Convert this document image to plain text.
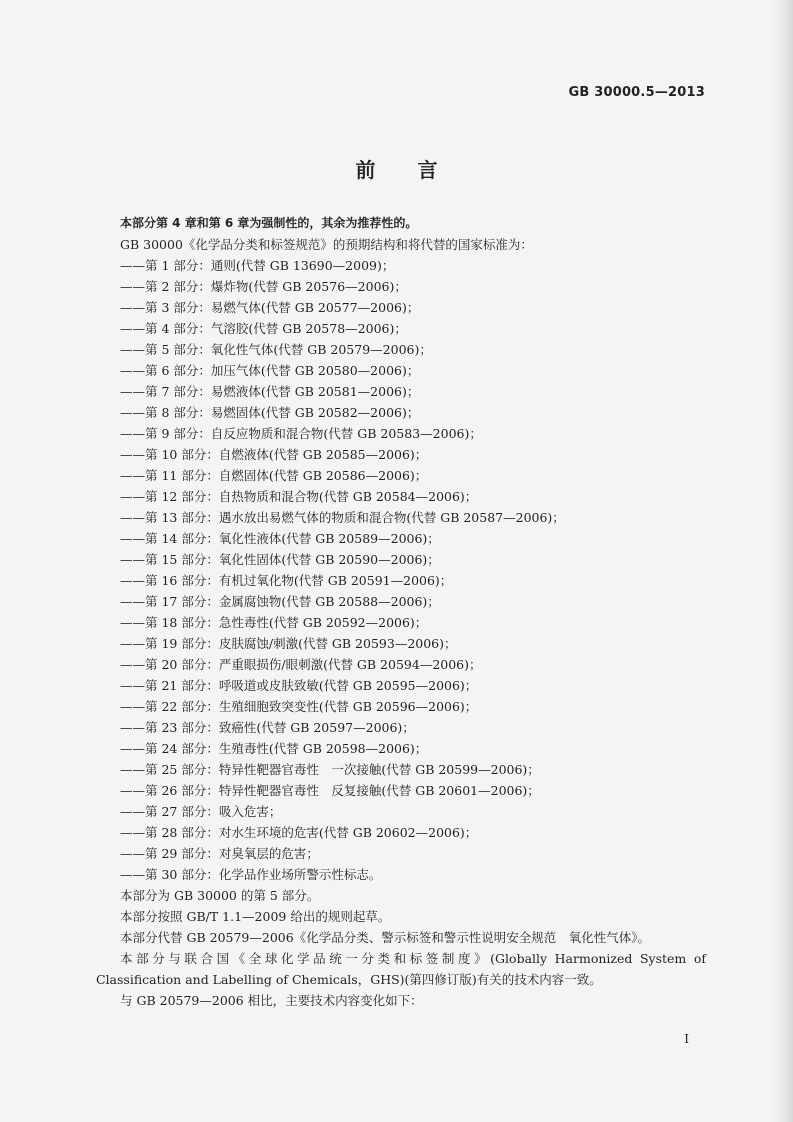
GB 30000.5—2013
前言

本部分第 4 章和第 6 章为强制性的，其余为推荐性的。

GB 30000《化学品分类和标签规范》的预期结构和将代替的国家标准为：

——第 1 部分：通则(代替 GB 13690—2009)；

——第 2 部分：爆炸物(代替 GB 20576—2006)；

——第 3 部分：易燃气体(代替 GB 20577—2006)；

——第 4 部分：气溶胶(代替 GB 20578—2006)；

——第 5 部分：氧化性气体(代替 GB 20579—2006)；

——第 6 部分：加压气体(代替 GB 20580—2006)；

——第 7 部分：易燃液体(代替 GB 20581—2006)；

——第 8 部分：易燃固体(代替 GB 20582—2006)；

——第 9 部分：自反应物质和混合物(代替 GB 20583—2006)；

——第 10 部分：自燃液体(代替 GB 20585—2006)；

——第 11 部分：自燃固体(代替 GB 20586—2006)；

——第 12 部分：自热物质和混合物(代替 GB 20584—2006)；

——第 13 部分：遇水放出易燃气体的物质和混合物(代替 GB 20587—2006)；

——第 14 部分：氧化性液体(代替 GB 20589—2006)；

——第 15 部分：氧化性固体(代替 GB 20590—2006)；

——第 16 部分：有机过氧化物(代替 GB 20591—2006)；

——第 17 部分：金属腐蚀物(代替 GB 20588—2006)；

——第 18 部分：急性毒性(代替 GB 20592—2006)；

——第 19 部分：皮肤腐蚀/刺激(代替 GB 20593—2006)；

——第 20 部分：严重眼损伤/眼刺激(代替 GB 20594—2006)；

——第 21 部分：呼吸道或皮肤致敏(代替 GB 20595—2006)；

——第 22 部分：生殖细胞致突变性(代替 GB 20596—2006)；

——第 23 部分：致癌性(代替 GB 20597—2006)；

——第 24 部分：生殖毒性(代替 GB 20598—2006)；

——第 25 部分：特异性靶器官毒性　一次接触(代替 GB 20599—2006)；

——第 26 部分：特异性靶器官毒性　反复接触(代替 GB 20601—2006)；

——第 27 部分：吸入危害；

——第 28 部分：对水生环境的危害(代替 GB 20602—2006)；

——第 29 部分：对臭氧层的危害；

——第 30 部分：化学品作业场所警示性标志。

本部分为 GB 30000 的第 5 部分。

本部分按照 GB/T 1.1—2009 给出的规则起草。

本部分代替 GB 20579—2006《化学品分类、警示标签和警示性说明安全规范　氧化性气体》。

本部分与联合国《全球化学品统一分类和标签制度》(Globally Harmonized System of

Classification and Labelling of Chemicals，GHS)(第四修订版)有关的技术内容一致。

与 GB 20579—2006 相比，主要技术内容变化如下：

I
